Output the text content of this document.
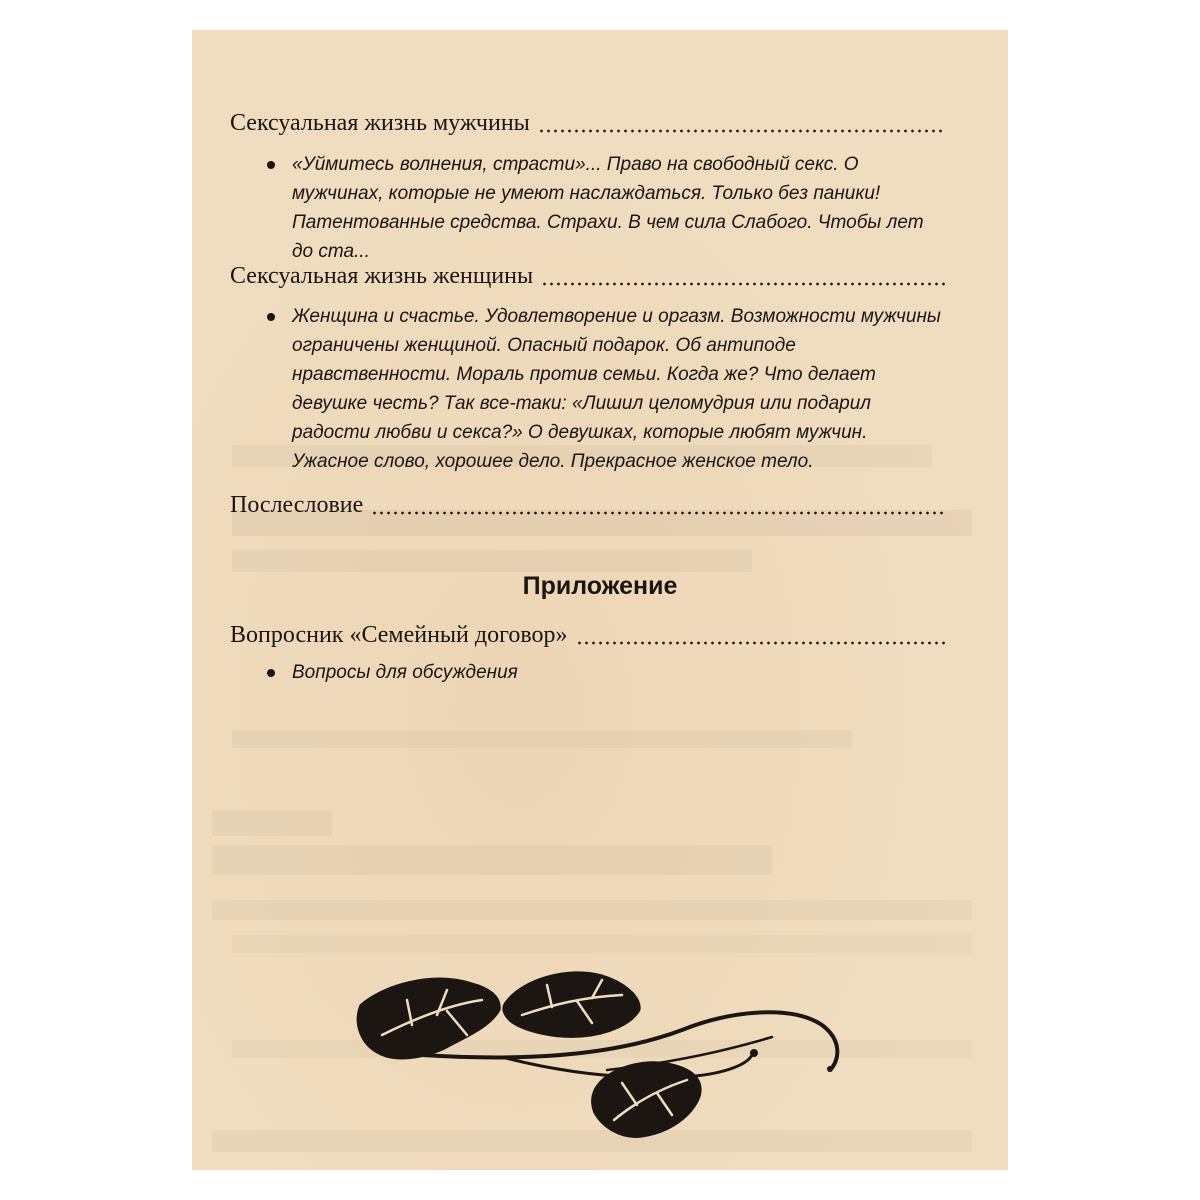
Сексуальная жизнь мужчины
«Уймитесь волнения, страсти»... Право на свободный секс. О мужчинах, которые не умеют наслаждаться. Только без паники! Патентованные средства. Страхи. В чем сила Слабого. Чтобы лет до ста...
Сексуальная жизнь женщины
Женщина и счастье. Удовлетворение и оргазм. Возможности мужчины ограничены женщиной. Опасный подарок. Об антиподе нравственности. Мораль против семьи. Когда же? Что делает девушке честь? Так все-таки: «Лишил целомудрия или подарил радости любви и секса?» О девушках, которые любят мужчин. Ужасное слово, хорошее дело. Прекрасное женское тело.
Послесловие
Приложение
Вопросник «Семейный договор»
Вопросы для обсуждения
